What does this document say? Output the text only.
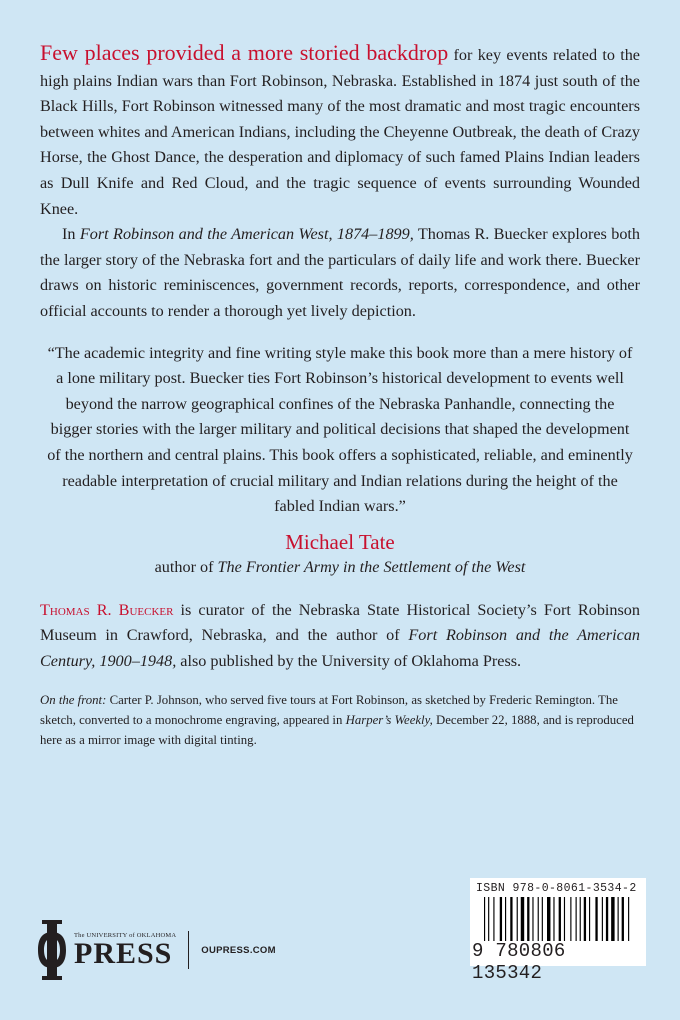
Few places provided a more storied backdrop for key events related to the high plains Indian wars than Fort Robinson, Nebraska. Established in 1874 just south of the Black Hills, Fort Robinson witnessed many of the most dramatic and most tragic encounters between whites and American Indians, including the Cheyenne Outbreak, the death of Crazy Horse, the Ghost Dance, the desperation and diplomacy of such famed Plains Indian leaders as Dull Knife and Red Cloud, and the tragic sequence of events surrounding Wounded Knee.

In Fort Robinson and the American West, 1874–1899, Thomas R. Buecker explores both the larger story of the Nebraska fort and the particulars of daily life and work there. Buecker draws on historic reminiscences, government records, reports, correspondence, and other official accounts to render a thorough yet lively depiction.

“The academic integrity and fine writing style make this book more than a mere history of a lone military post. Buecker ties Fort Robinson’s historical development to events well beyond the narrow geographical confines of the Nebraska Panhandle, connecting the bigger stories with the larger military and political decisions that shaped the development of the northern and central plains. This book offers a sophisticated, reliable, and eminently readable interpretation of crucial military and Indian relations during the height of the fabled Indian wars.”

Michael Tate

author of The Frontier Army in the Settlement of the West

Thomas R. Buecker is curator of the Nebraska State Historical Society’s Fort Robinson Museum in Crawford, Nebraska, and the author of Fort Robinson and the American Century, 1900–1948, also published by the University of Oklahoma Press.

On the front: Carter P. Johnson, who served five tours at Fort Robinson, as sketched by Frederic Remington. The sketch, converted to a monochrome engraving, appeared in Harper’s Weekly, December 22, 1888, and is reproduced here as a mirror image with digital tinting.

The UNIVERSITY of OKLAHOMA
PRESS	OUPRESS.COM
ISBN 978-0-8061-3534-2
9 780806 135342
